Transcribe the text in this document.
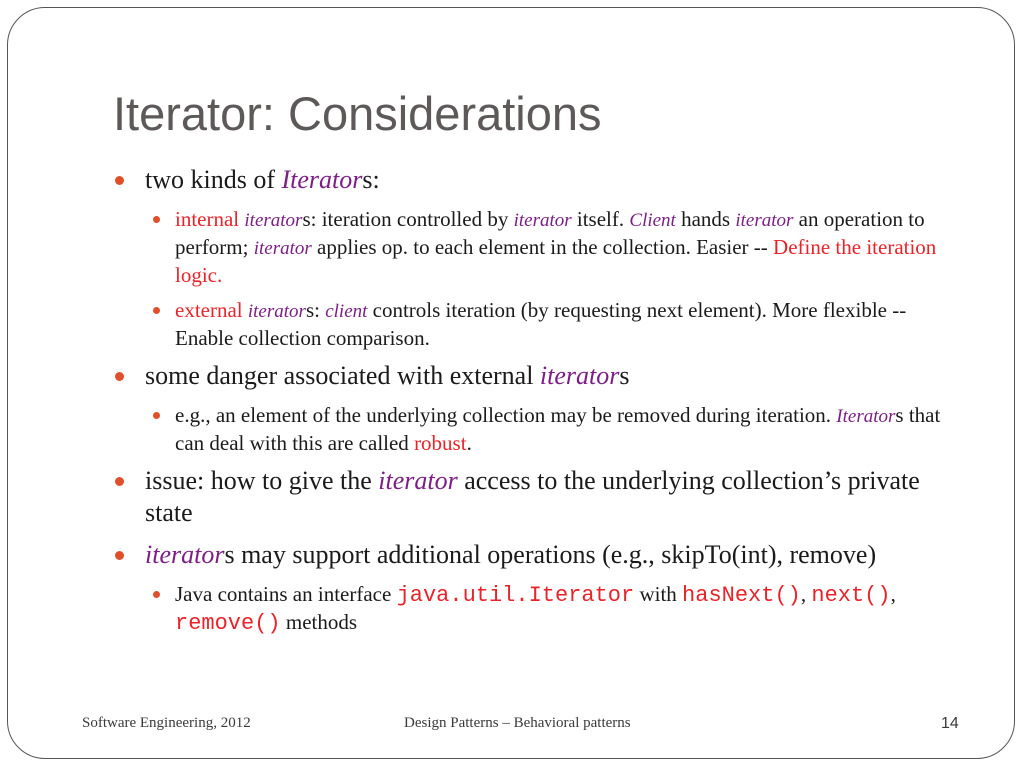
Iterator: Considerations
two kinds of Iterators:
internal iterators: iteration controlled by iterator itself. Client hands iterator an operation to perform; iterator applies op. to each element in the collection. Easier -- Define the iteration logic.
external iterators: client controls iteration (by requesting next element). More flexible -- Enable collection comparison.
some danger associated with external iterators
e.g., an element of the underlying collection may be removed during iteration. Iterators that can deal with this are called robust.
issue: how to give the iterator access to the underlying collection’s private state
iterators may support additional operations (e.g., skipTo(int), remove)
Java contains an interface java.util.Iterator with hasNext(), next(), remove() methods
Software Engineering, 2012	Design Patterns – Behavioral patterns	14
